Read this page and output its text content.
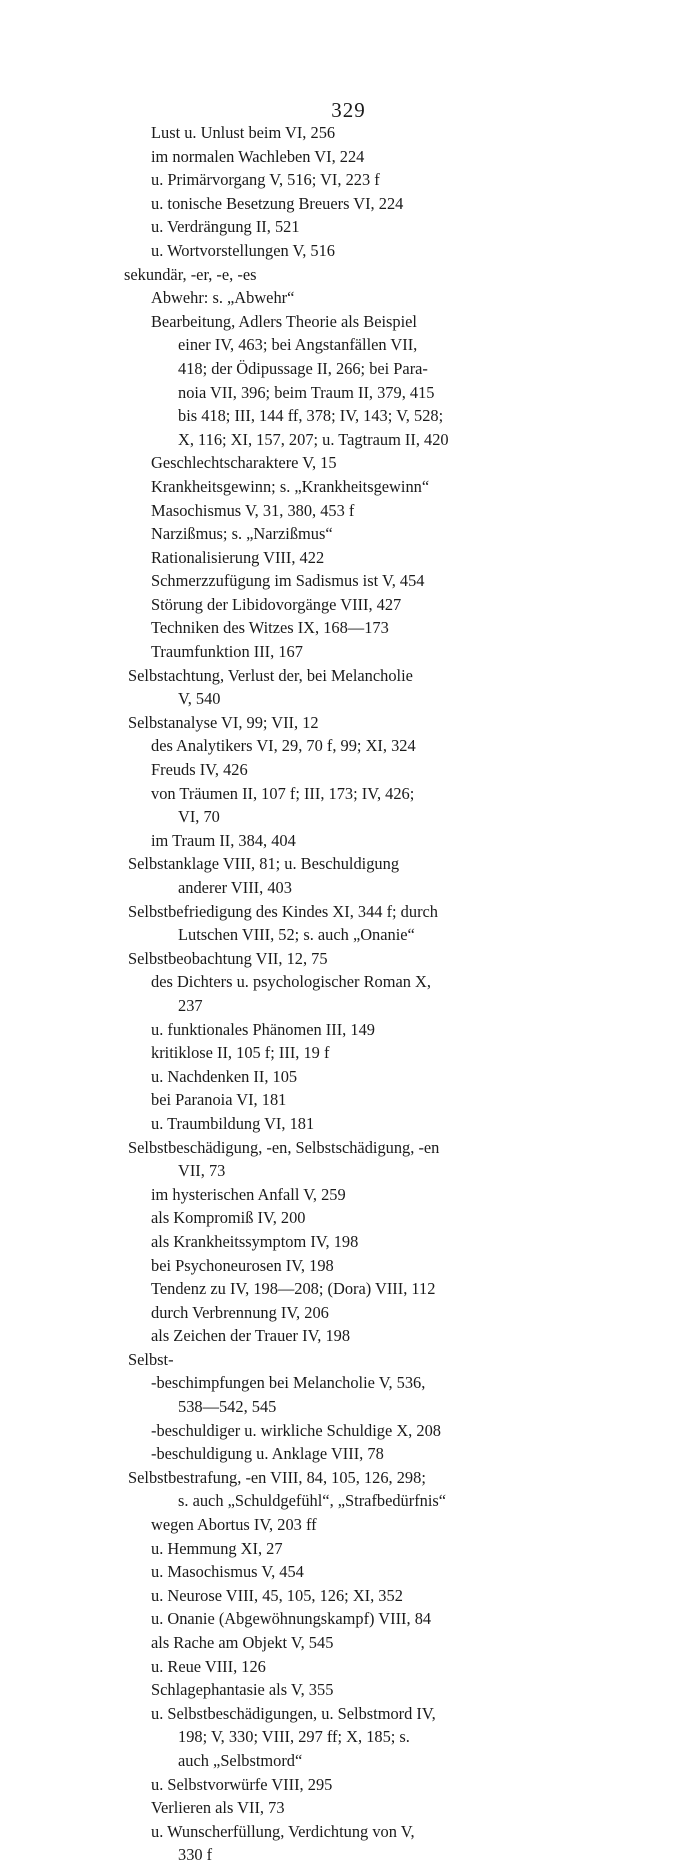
329
Lust u. Unlust beim VI, 256
im normalen Wachleben VI, 224
u. Primärvorgang V, 516; VI, 223 f
u. tonische Besetzung Breuers VI, 224
u. Verdrängung II, 521
u. Wortvorstellungen V, 516
sekundär, -er, -e, -es
Abwehr: s. „Abwehr“
Bearbeitung, Adlers Theorie als Beispiel
einer IV, 463; bei Angstanfällen VII,
418; der Ödipussage II, 266; bei Para-
noia VII, 396; beim Traum II, 379, 415
bis 418; III, 144 ff, 378; IV, 143; V, 528;
X, 116; XI, 157, 207; u. Tagtraum II, 420
Geschlechtscharaktere V, 15
Krankheitsgewinn; s. „Krankheitsgewinn“
Masochismus V, 31, 380, 453 f
Narzißmus; s. „Narzißmus“
Rationalisierung VIII, 422
Schmerzzufügung im Sadismus ist V, 454
Störung der Libidovorgänge VIII, 427
Techniken des Witzes IX, 168—173
Traumfunktion III, 167
Selbstachtung, Verlust der, bei Melancholie
V, 540
Selbstanalyse VI, 99; VII, 12
des Analytikers VI, 29, 70 f, 99; XI, 324
Freuds IV, 426
von Träumen II, 107 f; III, 173; IV, 426;
VI, 70
im Traum II, 384, 404
Selbstanklage VIII, 81; u. Beschuldigung
anderer VIII, 403
Selbstbefriedigung des Kindes XI, 344 f; durch
Lutschen VIII, 52; s. auch „Onanie“
Selbstbeobachtung VII, 12, 75
des Dichters u. psychologischer Roman X,
237
u. funktionales Phänomen III, 149
kritiklose II, 105 f; III, 19 f
u. Nachdenken II, 105
bei Paranoia VI, 181
u. Traumbildung VI, 181
Selbstbeschädigung, -en, Selbstschädigung, -en
VII, 73
im hysterischen Anfall V, 259
als Kompromiß IV, 200
als Krankheitssymptom IV, 198
bei Psychoneurosen IV, 198
Tendenz zu IV, 198—208; (Dora) VIII, 112
durch Verbrennung IV, 206
als Zeichen der Trauer IV, 198
Selbst-
-beschimpfungen bei Melancholie V, 536,
538—542, 545
-beschuldiger u. wirkliche Schuldige X, 208
-beschuldigung u. Anklage VIII, 78
Selbstbestrafung, -en VIII, 84, 105, 126, 298;
s. auch „Schuldgefühl“, „Strafbedürfnis“
wegen Abortus IV, 203 ff
u. Hemmung XI, 27
u. Masochismus V, 454
u. Neurose VIII, 45, 105, 126; XI, 352
u. Onanie (Abgewöhnungskampf) VIII, 84
als Rache am Objekt V, 545
u. Reue VIII, 126
Schlagephantasie als V, 355
u. Selbstbeschädigungen, u. Selbstmord IV,
198; V, 330; VIII, 297 ff; X, 185; s.
auch „Selbstmord“
u. Selbstvorwürfe VIII, 295
Verlieren als VII, 73
u. Wunscherfüllung, Verdichtung von V,
330 f
